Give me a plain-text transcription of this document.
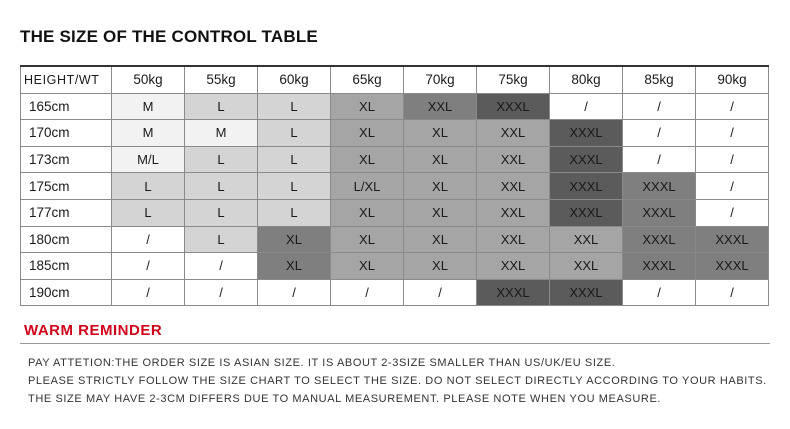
THE SIZE OF THE CONTROL TABLE
HEIGHT/WT	50kg	55kg	60kg	65kg	70kg	75kg	80kg	85kg	90kg
165cm	M	L	L	XL	XXL	XXXL	/	/	/
170cm	M	M	L	XL	XL	XXL	XXXL	/	/
173cm	M/L	L	L	XL	XL	XXL	XXXL	/	/
175cm	L	L	L	L/XL	XL	XXL	XXXL	XXXL	/
177cm	L	L	L	XL	XL	XXL	XXXL	XXXL	/
180cm	/	L	XL	XL	XL	XXL	XXL	XXXL	XXXL
185cm	/	/	XL	XL	XL	XXL	XXL	XXXL	XXXL
190cm	/	/	/	/	/	XXXL	XXXL	/	/
WARM REMINDER
PAY ATTETION:THE ORDER SIZE IS ASIAN SIZE. IT IS ABOUT 2-3SIZE SMALLER THAN US/UK/EU SIZE.
PLEASE STRICTLY FOLLOW THE SIZE CHART TO SELECT THE SIZE. DO NOT SELECT DIRECTLY ACCORDING TO YOUR HABITS.
THE SIZE MAY HAVE 2-3CM DIFFERS DUE TO MANUAL MEASUREMENT. PLEASE NOTE WHEN YOU MEASURE.
